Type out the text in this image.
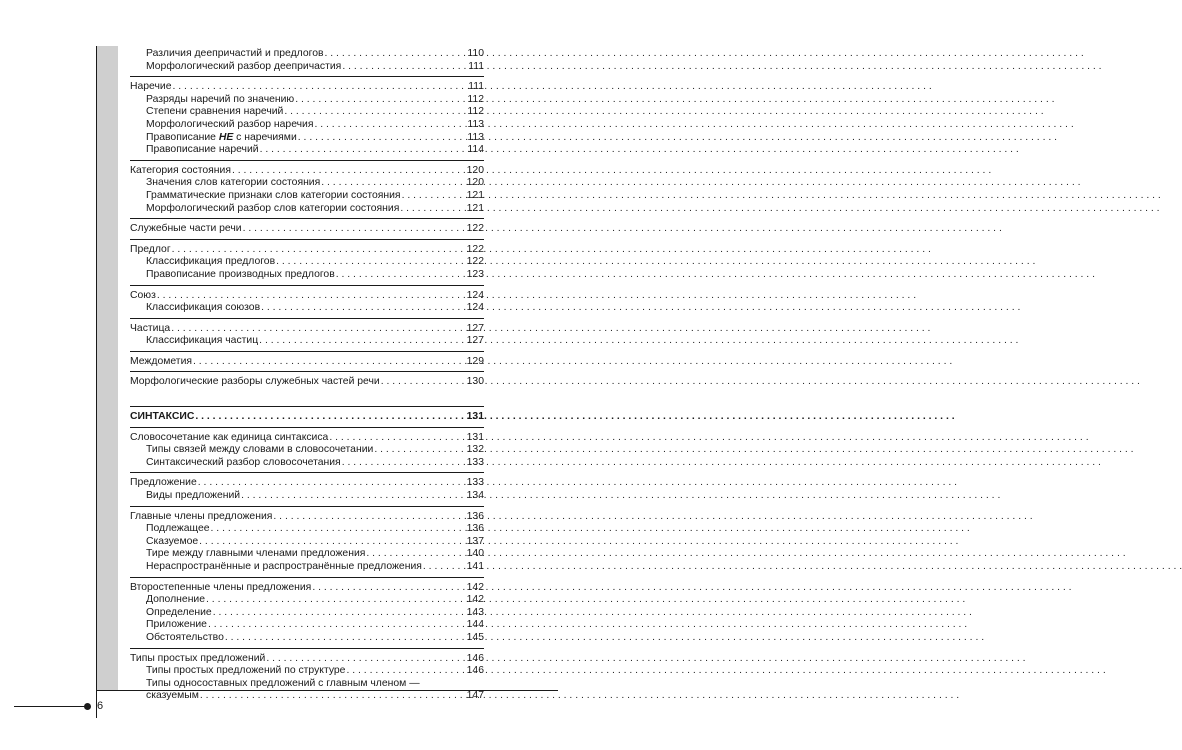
Различия деепричастий и предлогов . . .	110
Морфологический разбор деепричастия . . .	111
Наречие . . .	111
Разряды наречий по значению . . .	112
Степени сравнения наречий . . .	112
Морфологический разбор наречия . . .	113
Правописание НЕ с наречиями . . .	113
Правописание наречий . . .	114
Категория состояния . . .	120
Значения слов категории состояния . . .	120
Грамматические признаки слов категории состояния . . .	121
Морфологический разбор слов категории состояния . . .	121
Служебные части речи . . .	122
Предлог . . .	122
Классификация предлогов . . .	122
Правописание производных предлогов . . .	123
Союз . . .	124
Классификация союзов . . .	124
Частица . . .	127
Классификация частиц . . .	127
Междометия . . .	129
Морфологические разборы служебных частей речи . . .	130
СИНТАКСИС . . .	131
Словосочетание как единица синтаксиса . . .	131
Типы связей между словами в словосочетании . . .	132
Синтаксический разбор словосочетания . . .	133
Предложение . . .	133
Виды предложений . . .	134
Главные члены предложения . . .	136
Подлежащее . . .	136
Сказуемое . . .	137
Тире между главными членами предложения . . .	140
Нераспространённые и распространённые предложения . . .	141
Второстепенные члены предложения . . .	142
Дополнение . . .	142
Определение . . .	143
Приложение . . .	144
Обстоятельство . . .	145
Типы простых предложений . . .	146
Типы простых предложений по структуре . . .	146
Типы односоставных предложений с главным членом —
сказуемым . . .	147
6
